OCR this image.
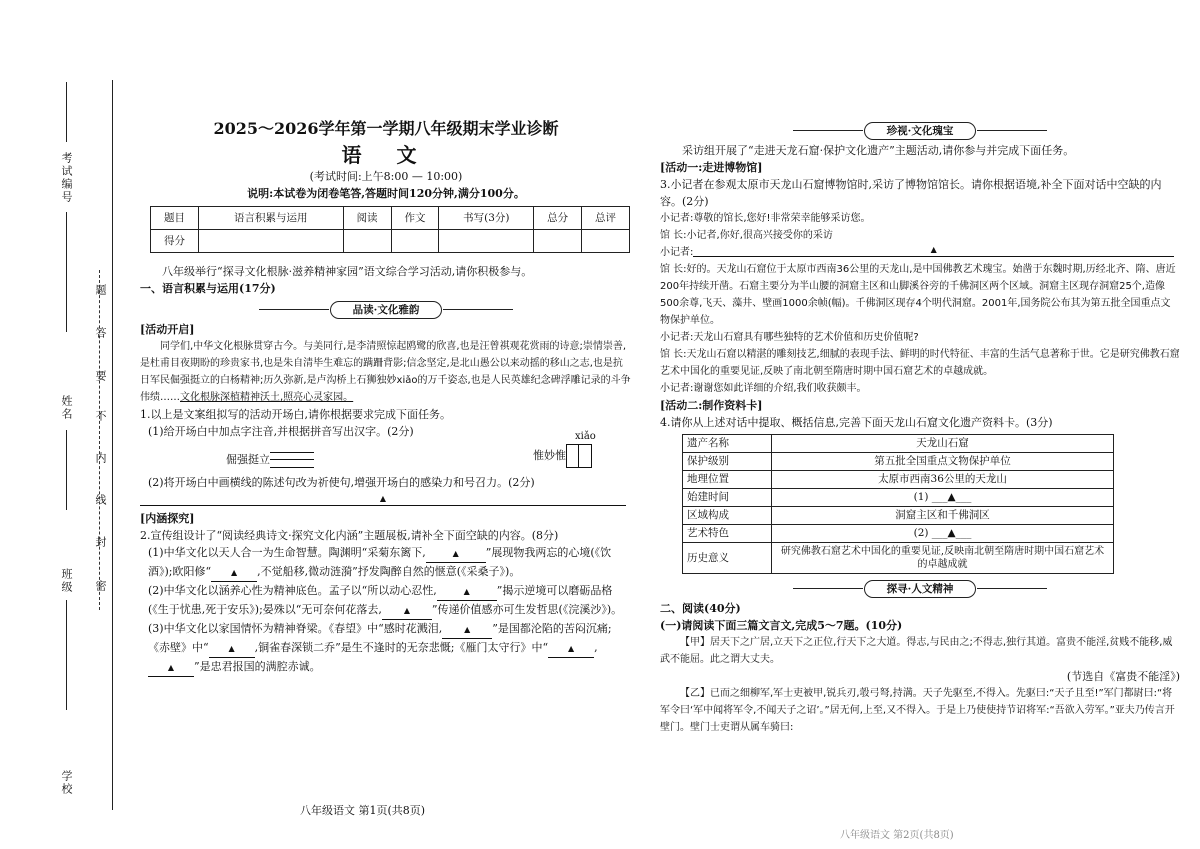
考试编号
姓名
班级
学校
题
答
要
不
内
线
封
密
2025～2026学年第一学期八年级期末学业诊断
语 文
(考试时间:上午8:00 — 10:00)
说明:本试卷为闭卷笔答,答题时间120分钟,满分100分。
题目	语言积累与运用	阅读	作文	书写(3分)	总分	总评
得分						

八年级举行“探寻文化根脉·滋养精神家园”语文综合学习活动,请你积极参与。

一、语言积累与运用(17分)

品读·文化雅韵

[活动开启]

同学们,中华文化根脉贯穿古今。与美同行,是李清照惊起鸥鹭的欣喜,也是汪曾祺观花赏雨的诗意;崇情崇善,是杜甫目夜期盼的珍贵家书,也是朱自清毕生难忘的蹒跚背影;信念坚定,是北山愚公以来动摇的移山之志,也是抗日军民倔强挺立的白杨精神;历久弥新,是卢沟桥上石狮独妙xiǎo的万千姿态,也是人民英雄纪念碑浮雕记录的斗争伟绩……文化根脉深植精神沃土,照亮心灵家园。

1.以上是文案组拟写的活动开场白,请你根据要求完成下面任务。

(1)给开场白中加点字注音,并根据拼音写出汉字。(2分)

倔强挺立
xiǎo
惟妙惟

(2)将开场白中画横线的陈述句改为祈使句,增强开场白的感染力和号召力。(2分)

▲

[内涵探究]

2.宣传组设计了“阅读经典诗文·探究文化内涵”主题展板,请补全下面空缺的内容。(8分)

(1)中华文化以天人合一为生命智慧。陶渊明“采菊东篱下,	▲ ”展现物我两忘的心境(《饮酒》);欧阳修“ ▲ ,不觉船移,微动涟漪”抒发陶醉自然的惬意(《采桑子》)。

(2)中华文化以涵养心性为精神底色。孟子以“所以动心忍性,	▲ ”揭示逆境可以磨砺品格(《生于忧患,死于安乐》);晏殊以“无可奈何花落去,	▲ ”传递价值感亦可生发哲思(《浣溪沙》)。

(3)中华文化以家国情怀为精神脊梁。《春望》中“感时花溅泪,	▲ ”是国都沦陷的苦闷沉痛;《赤壁》中“ ▲ ,铜雀春深锁二乔”是生不逢时的无奈悲慨;《雁门太守行》中“ ▲ ,▲ ”是忠君报国的满腔赤诚。

八年级语文 第1页(共8页)
珍视·文化瑰宝

采访组开展了“走进天龙石窟·保护文化遗产”主题活动,请你参与并完成下面任务。

[活动一:走进博物馆]

3.小记者在参观太原市天龙山石窟博物馆时,采访了博物馆馆长。请你根据语境,补全下面对话中空缺的内容。(2分)

小记者:尊敬的馆长,您好!非常荣幸能够采访您。

馆 长:小记者,你好,很高兴接受你的采访

小记者:	▲

馆 长:好的。天龙山石窟位于太原市西南36公里的天龙山,是中国佛教艺术瑰宝。始凿于东魏时期,历经北齐、隋、唐近200年持续开凿。石窟主要分为半山腰的洞窟主区和山脚溪谷旁的千佛洞区两个区域。洞窟主区现存洞窟25个,造像500余尊,飞天、藻井、壁画1000余帧(幅)。千佛洞区现存4个明代洞窟。2001年,国务院公布其为第五批全国重点文物保护单位。

小记者:天龙山石窟具有哪些独特的艺术价值和历史价值呢?

馆 长:天龙山石窟以精湛的雕刻技艺,细腻的表现手法、鲜明的时代特征、丰富的生活气息著称于世。它是研究佛教石窟艺术中国化的重要见证,反映了南北朝至隋唐时期中国石窟艺术的卓越成就。

小记者:谢谢您如此详细的介绍,我们收获颇丰。

[活动二:制作资料卡]

4.请你从上述对话中提取、概括信息,完善下面天龙山石窟文化遗产资料卡。(3分)

遗产名称	天龙山石窟
保护级别	第五批全国重点文物保护单位
地理位置	太原市西南36公里的天龙山
始建时间	(1) ___▲___
区域构成	洞窟主区和千佛洞区
艺术特色	(2) ___▲___
历史意义	研究佛教石窟艺术中国化的重要见证,反映南北朝至隋唐时期中国石窟艺术的卓越成就
探寻·人文精神

二、阅读(40分)

(一)请阅读下面三篇文言文,完成5～7题。(10分)

【甲】居天下之广居,立天下之正位,行天下之大道。得志,与民由之;不得志,独行其道。富贵不能淫,贫贱不能移,威武不能屈。此之谓大丈夫。

(节选自《富贵不能淫》)

【乙】已而之细柳军,军士吏被甲,锐兵刃,彀弓弩,持满。天子先驱至,不得入。先驱曰:“天子且至!”军门都尉曰:“将军令曰‘军中闻将军令,不闻天子之诏’。”居无何,上至,又不得入。于是上乃使使持节诏将军:“吾欲入劳军。”亚夫乃传言开壁门。壁门士吏谓从属车骑曰:

八年级语文 第2页(共8页)
